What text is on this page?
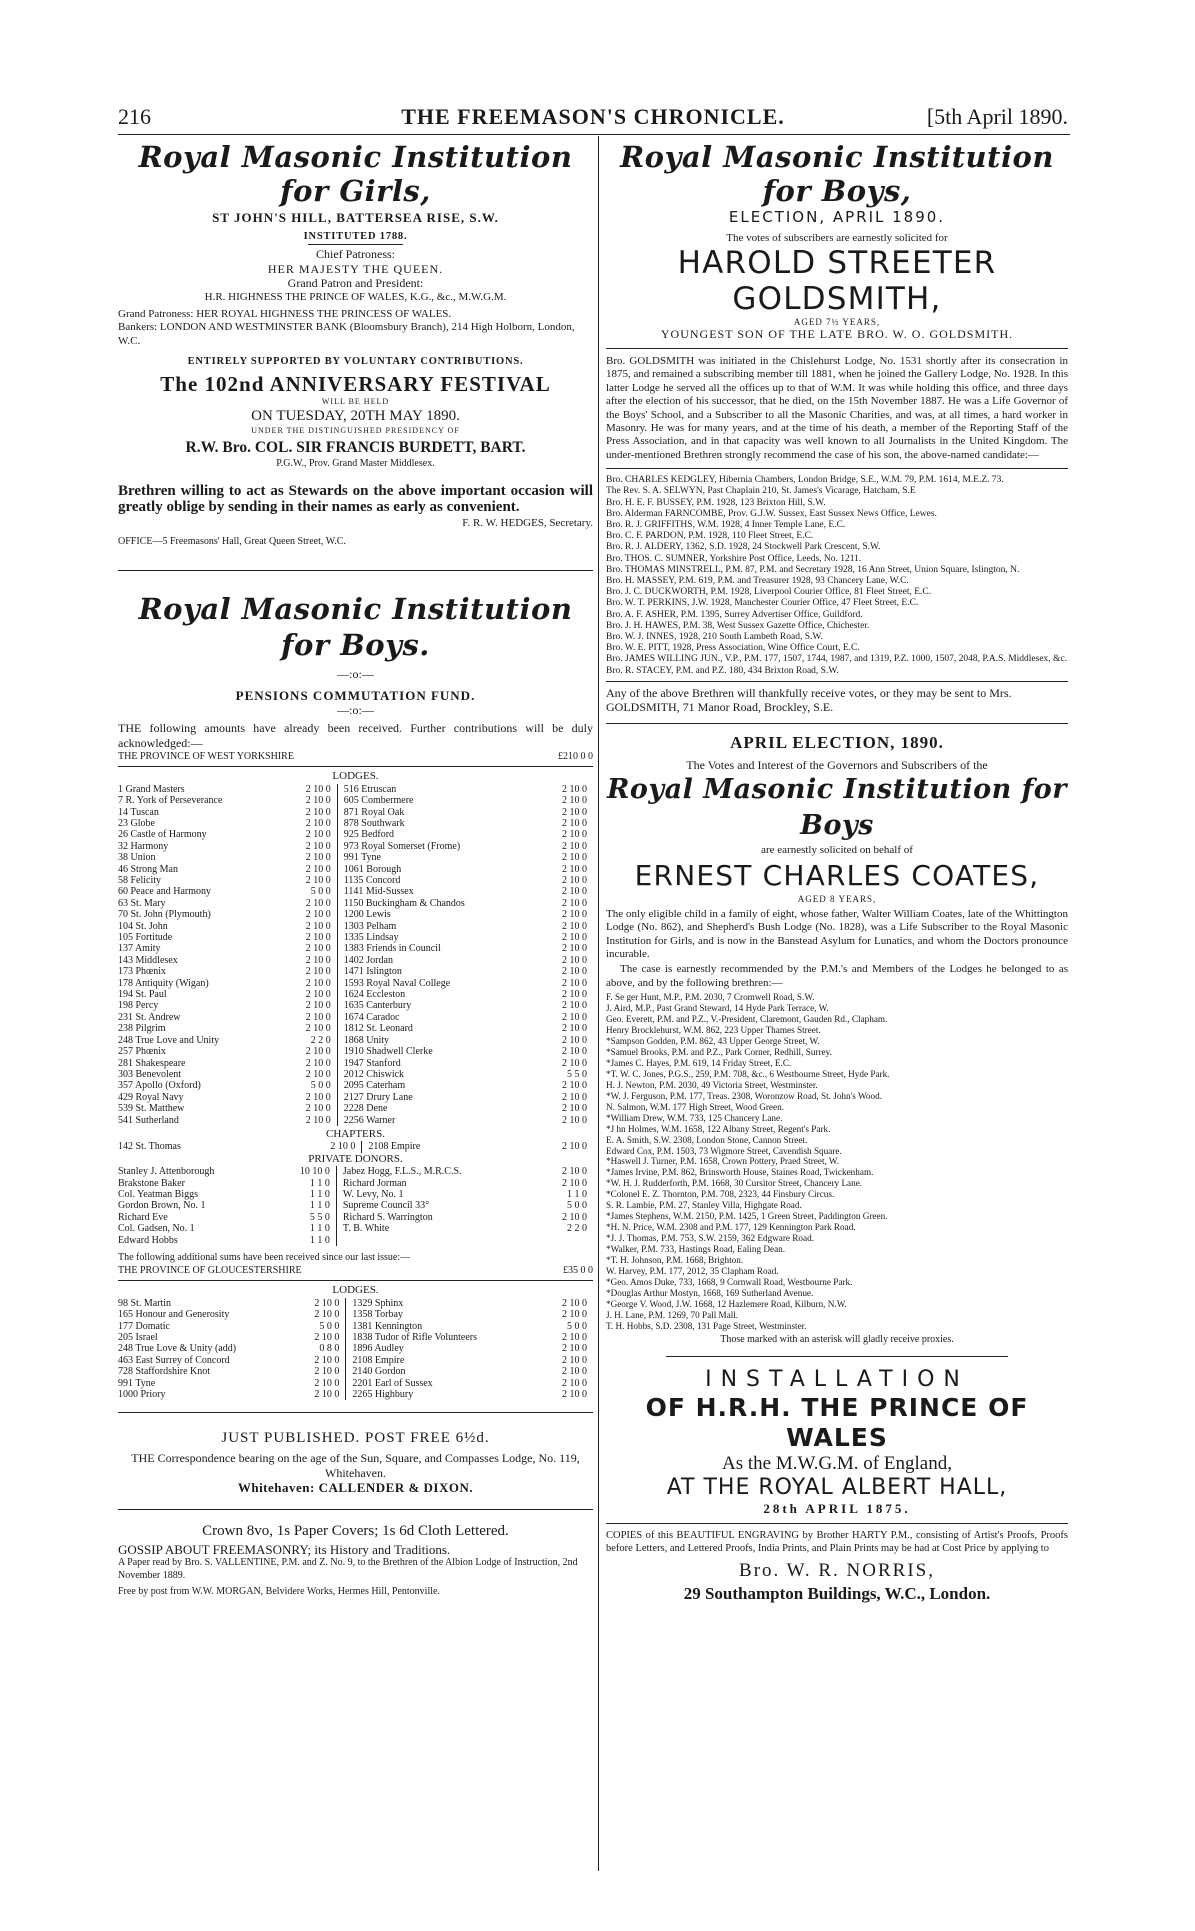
216	THE FREEMASON'S CHRONICLE.	[5th April 1890.
Royal Masonic Institution for Girls,
ST JOHN'S HILL, BATTERSEA RISE, S.W.
INSTITUTED 1788.
Chief Patroness:
HER MAJESTY THE QUEEN.
Grand Patron and President:
H.R. HIGHNESS THE PRINCE OF WALES, K.G., &c., M.W.G.M.
Grand Patroness: HER ROYAL HIGHNESS THE PRINCESS OF WALES.
Bankers: LONDON AND WESTMINSTER BANK (Bloomsbury Branch), 214 High Holborn, London, W.C.
ENTIRELY SUPPORTED BY VOLUNTARY CONTRIBUTIONS.
The 102nd ANNIVERSARY FESTIVAL
WILL BE HELD
ON TUESDAY, 20TH MAY 1890.
UNDER THE DISTINGUISHED PRESIDENCY OF
R.W. Bro. COL. SIR FRANCIS BURDETT, BART.
P.G.W., Prov. Grand Master Middlesex.
Brethren willing to act as Stewards on the above important occasion will greatly oblige by sending in their names as early as convenient.
F. R. W. HEDGES, Secretary.
OFFICE—5 Freemasons' Hall, Great Queen Street, W.C.
Royal Masonic Institution for Boys.
—:o:—
PENSIONS COMMUTATION FUND.
—:o:—
THE following amounts have already been received. Further contributions will be duly acknowledged:—
THE PROVINCE OF WEST YORKSHIRE	£210 0 0
LODGES.
1 Grand Masters	2 10 0	516 Etruscan	2 10 0
7 R. York of Perseverance	2 10 0	605 Combermere	2 10 0
14 Tuscan	2 10 0	871 Royal Oak	2 10 0
23 Globe	2 10 0	878 Southwark	2 10 0
26 Castle of Harmony	2 10 0	925 Bedford	2 10 0
32 Harmony	2 10 0	973 Royal Somerset (Frome)	2 10 0
38 Union	2 10 0	991 Tyne	2 10 0
46 Strong Man	2 10 0	1061 Borough	2 10 0
58 Felicity	2 10 0	1135 Concord	2 10 0
60 Peace and Harmony	5 0 0	1141 Mid-Sussex	2 10 0
63 St. Mary	2 10 0	1150 Buckingham & Chandos	2 10 0
70 St. John (Plymouth)	2 10 0	1200 Lewis	2 10 0
104 St. John	2 10 0	1303 Pelham	2 10 0
105 Fortitude	2 10 0	1335 Lindsay	2 10 0
137 Amity	2 10 0	1383 Friends in Council	2 10 0
143 Middlesex	2 10 0	1402 Jordan	2 10 0
173 Phœnix	2 10 0	1471 Islington	2 10 0
178 Antiquity (Wigan)	2 10 0	1593 Royal Naval College	2 10 0
194 St. Paul	2 10 0	1624 Eccleston	2 10 0
198 Percy	2 10 0	1635 Canterbury	2 10 0
231 St. Andrew	2 10 0	1674 Caradoc	2 10 0
238 Pilgrim	2 10 0	1812 St. Leonard	2 10 0
248 True Love and Unity	2 2 0	1868 Unity	2 10 0
257 Phœnix	2 10 0	1910 Shadwell Clerke	2 10 0
281 Shakespeare	2 10 0	1947 Stanford	2 10 0
303 Benevolent	2 10 0	2012 Chiswick	5 5 0
357 Apollo (Oxford)	5 0 0	2095 Caterham	2 10 0
429 Royal Navy	2 10 0	2127 Drury Lane	2 10 0
539 St. Matthew	2 10 0	2228 Dene	2 10 0
541 Sutherland	2 10 0	2256 Warner	2 10 0
CHAPTERS.
142 St. Thomas	2 10 0	2108 Empire	2 10 0
PRIVATE DONORS.
Stanley J. Attenborough	10 10 0	Jabez Hogg, F.L.S., M.R.C.S.	2 10 0
Brakstone Baker	1 1 0	Richard Jorman	2 10 0
Col. Yeatman Biggs	1 1 0	W. Levy, No. 1	1 1 0
Gordon Brown, No. 1	1 1 0	Supreme Council 33°	5 0 0
Richard Eve	5 5 0	Richard S. Warrington	2 10 0
Col. Gadsen, No. 1	1 1 0	T. B. White	2 2 0
Edward Hobbs	1 1 0		
The following additional sums have been received since our last issue:—
THE PROVINCE OF GLOUCESTERSHIRE	£35 0 0
LODGES.
98 St. Martin	2 10 0	1329 Sphinx	2 10 0
165 Honour and Generosity	2 10 0	1358 Torbay	2 10 0
177 Domatic	5 0 0	1381 Kennington	5 0 0
205 Israel	2 10 0	1838 Tudor of Rifle Volunteers	2 10 0
248 True Love & Unity (add)	0 8 0	1896 Audley	2 10 0
463 East Surrey of Concord	2 10 0	2108 Empire	2 10 0
728 Staffordshire Knot	2 10 0	2140 Gordon	2 10 0
991 Tyne	2 10 0	2201 Earl of Sussex	2 10 0
1000 Priory	2 10 0	2265 Highbury	2 10 0
JUST PUBLISHED. POST FREE 6½d.
THE Correspondence bearing on the age of the Sun, Square, and Compasses Lodge, No. 119, Whitehaven.
Whitehaven: CALLENDER & DIXON.
Crown 8vo, 1s Paper Covers; 1s 6d Cloth Lettered.
GOSSIP ABOUT FREEMASONRY; its History and Traditions.
A Paper read by Bro. S. VALLENTINE, P.M. and Z. No. 9, to the Brethren of the Albion Lodge of Instruction, 2nd November 1889.
Free by post from W.W. MORGAN, Belvidere Works, Hermes Hill, Pentonville.
Royal Masonic Institution for Boys,
ELECTION, APRIL 1890.
The votes of subscribers are earnestly solicited for
HAROLD STREETER GOLDSMITH,
AGED 7½ YEARS,
YOUNGEST SON OF THE LATE BRO. W. O. GOLDSMITH.
Bro. GOLDSMITH was initiated in the Chislehurst Lodge, No. 1531 shortly after its consecration in 1875, and remained a subscribing member till 1881, when he joined the Gallery Lodge, No. 1928. In this latter Lodge he served all the offices up to that of W.M. It was while holding this office, and three days after the election of his successor, that he died, on the 15th November 1887. He was a Life Governor of the Boys' School, and a Subscriber to all the Masonic Charities, and was, at all times, a hard worker in Masonry. He was for many years, and at the time of his death, a member of the Reporting Staff of the Press Association, and in that capacity was well known to all Journalists in the United Kingdom. The under-mentioned Brethren strongly recommend the case of his son, the above-named candidate:—

Bro. CHARLES KEDGLEY, Hibernia Chambers, London Bridge, S.E., W.M. 79, P.M. 1614, M.E.Z. 73.

The Rev. S. A. SELWYN, Past Chaplain 210, St. James's Vicarage, Hatcham, S.E

Bro. H. E. F. BUSSEY, P.M. 1928, 123 Brixton Hill, S.W.

Bro. Alderman FARNCOMBE, Prov. G.J.W. Sussex, East Sussex News Office, Lewes.

Bro. R. J. GRIFFITHS, W.M. 1928, 4 Inner Temple Lane, E.C.

Bro. C. F. PARDON, P.M. 1928, 110 Fleet Street, E.C.

Bro. R. J. ALDERY, 1362, S.D. 1928, 24 Stockwell Park Crescent, S.W.

Bro. THOS. C. SUMNER, Yorkshire Post Office, Leeds, No. 1211.

Bro. THOMAS MINSTRELL, P.M. 87, P.M. and Secretary 1928, 16 Ann Street, Union Square, Islington, N.

Bro. H. MASSEY, P.M. 619, P.M. and Treasurer 1928, 93 Chancery Lane, W.C.

Bro. J. C. DUCKWORTH, P.M. 1928, Liverpool Courier Office, 81 Fleet Street, E.C.

Bro. W. T. PERKINS, J.W. 1928, Manchester Courier Office, 47 Fleet Street, E.C.

Bro. A. F. ASHER, P.M. 1395, Surrey Advertiser Office, Guildford.

Bro. J. H. HAWES, P.M. 38, West Sussex Gazette Office, Chichester.

Bro. W. J. INNES, 1928, 210 South Lambeth Road, S.W.

Bro. W. E. PITT, 1928, Press Association, Wine Office Court, E.C.

Bro. JAMES WILLING JUN., V.P., P.M. 177, 1507, 1744, 1987, and 1319, P.Z. 1000, 1507, 2048, P.A.S. Middlesex, &c.

Bro. R. STACEY, P.M. and P.Z. 180, 434 Brixton Road, S.W.

Any of the above Brethren will thankfully receive votes, or they may be sent to Mrs. GOLDSMITH, 71 Manor Road, Brockley, S.E.
APRIL ELECTION, 1890.
The Votes and Interest of the Governors and Subscribers of the
Royal Masonic Institution for Boys
are earnestly solicited on behalf of
ERNEST CHARLES COATES,
AGED 8 YEARS,
The only eligible child in a family of eight, whose father, Walter William Coates, late of the Whittington Lodge (No. 862), and Shepherd's Bush Lodge (No. 1828), was a Life Subscriber to the Royal Masonic Institution for Girls, and is now in the Banstead Asylum for Lunatics, and whom the Doctors pronounce incurable.
The case is earnestly recommended by the P.M.'s and Members of the Lodges he belonged to as above, and by the following brethren:—

F. Se ger Hunt, M.P., P.M. 2030, 7 Cromwell Road, S.W.

J. Aird, M.P., Past Grand Steward, 14 Hyde Park Terrace, W.

Geo. Everett, P.M. and P.Z., V.-President, Claremont, Gauden Rd., Clapham.

Henry Brocklehurst, W.M. 862, 223 Upper Thames Street.

*Sampson Godden, P.M. 862, 43 Upper George Street, W.

*Samuel Brooks, P.M. and P.Z., Park Corner, Redhill, Surrey.

*James C. Hayes, P.M. 619, 14 Friday Street, E.C.

*T. W. C. Jones, P.G.S., 259, P.M. 708, &c., 6 Westbourne Street, Hyde Park.

H. J. Newton, P.M. 2030, 49 Victoria Street, Westminster.

*W. J. Ferguson, P.M. 177, Treas. 2308, Woronzow Road, St. John's Wood.

N. Salmon, W.M. 177 High Street, Wood Green.

*William Drew, W.M. 733, 125 Chancery Lane.

*J hn Holmes, W.M. 1658, 122 Albany Street, Regent's Park.

E. A. Smith, S.W. 2308, London Stone, Cannon Street.

Edward Cox, P.M. 1503, 73 Wigmore Street, Cavendish Square.

*Haswell J. Turner, P.M. 1658, Crown Pottery, Praed Street, W.

*James Irvine, P.M. 862, Brinsworth House, Staines Road, Twickenham.

*W. H. J. Rudderforth, P.M. 1668, 30 Cursitor Street, Chancery Lane.

*Colonel E. Z. Thornton, P.M. 708, 2323, 44 Finsbury Circus.

S. R. Lambie, P.M. 27, Stanley Villa, Highgate Road.

*James Stephens, W.M. 2150, P.M. 1425, 1 Green Street, Paddington Green.

*H. N. Price, W.M. 2308 and P.M. 177, 129 Kennington Park Road.

*J. J. Thomas, P.M. 753, S.W. 2159, 362 Edgware Road.

*Walker, P.M. 733, Hastings Road, Ealing Dean.

*T. H. Johnson, P.M. 1668, Brighton.

W. Harvey, P.M. 177, 2012, 35 Clapham Road.

*Geo. Amos Duke, 733, 1668, 9 Cornwall Road, Westbourne Park.

*Douglas Arthur Mostyn, 1668, 169 Sutherland Avenue.

*George V. Wood, J.W. 1668, 12 Hazlemere Road, Kilburn, N.W.

J. H. Lane, P.M. 1269, 70 Pall Mall.

T. H. Hobbs, S.D. 2308, 131 Page Street, Westminster.

Those marked with an asterisk will gladly receive proxies.
INSTALLATION
OF H.R.H. THE PRINCE OF WALES
As the M.W.G.M. of England,
AT THE ROYAL ALBERT HALL,
28th APRIL 1875.
COPIES of this BEAUTIFUL ENGRAVING by Brother HARTY P.M., consisting of Artist's Proofs, Proofs before Letters, and Lettered Proofs, India Prints, and Plain Prints may be had at Cost Price by applying to
Bro. W. R. NORRIS,
29 Southampton Buildings, W.C., London.
